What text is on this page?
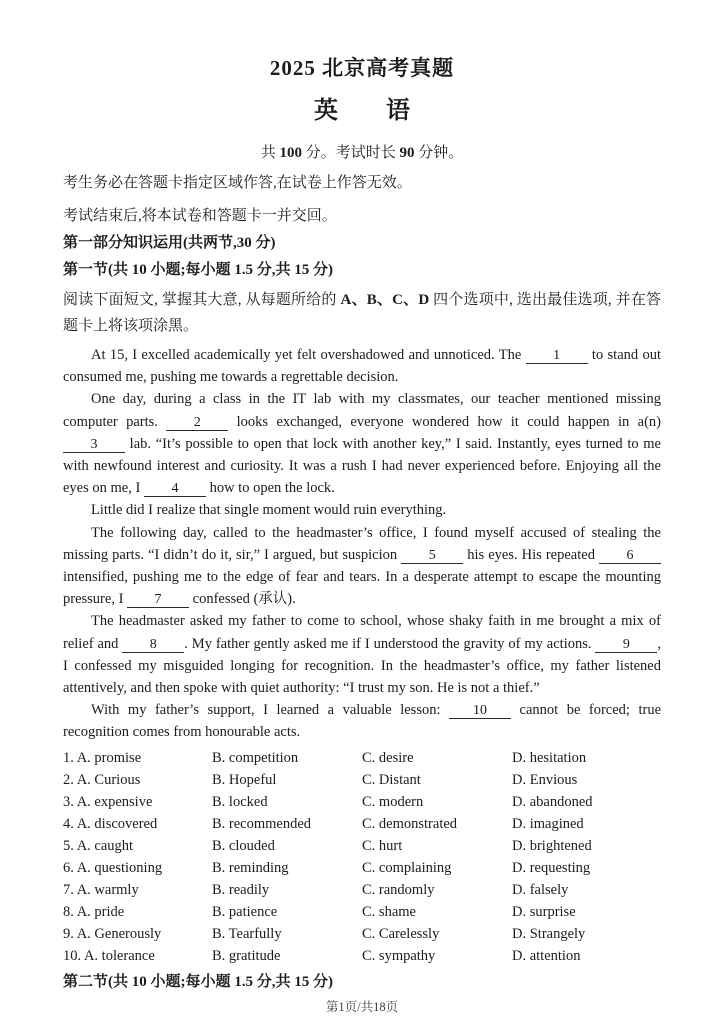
2025 北京高考真题
英　　语
共 100 分。考试时长 90 分钟。
考生务必在答题卡指定区域作答,在试卷上作答无效。
考试结束后,将本试卷和答题卡一并交回。
第一部分知识运用(共两节,30 分)
第一节(共 10 小题;每小题 1.5 分,共 15 分)
阅读下面短文, 掌握其大意, 从每题所给的 A、B、C、D 四个选项中, 选出最佳选项, 并在答题卡上将该项涂黑。

At 15, I excelled academically yet felt overshadowed and unnoticed. The 1 to stand out consumed me, pushing me towards a regrettable decision.

One day, during a class in the IT lab with my classmates, our teacher mentioned missing computer parts. 2 looks exchanged, everyone wondered how it could happen in a(n) 3 lab. “It’s possible to open that lock with another key,” I said. Instantly, eyes turned to me with newfound interest and curiosity. It was a rush I had never experienced before. Enjoying all the eyes on me, I 4 how to open the lock.

Little did I realize that single moment would ruin everything.

The following day, called to the headmaster’s office, I found myself accused of stealing the missing parts. “I didn’t do it, sir,” I argued, but suspicion 5 his eyes. His repeated 6 intensified, pushing me to the edge of fear and tears. In a desperate attempt to escape the mounting pressure, I 7 confessed (承认).

The headmaster asked my father to come to school, whose shaky faith in me brought a mix of relief and 8 . My father gently asked me if I understood the gravity of my actions. 9 , I confessed my misguided longing for recognition. In the headmaster’s office, my father listened attentively, and then spoke with quiet authority: “I trust my son. He is not a thief.”

With my father’s support, I learned a valuable lesson: 10 cannot be forced; true recognition comes from honourable acts.

1. A. promise	B. competition	C. desire	D. hesitation
2. A. Curious	B. Hopeful	C. Distant	D. Envious
3. A. expensive	B. locked	C. modern	D. abandoned
4. A. discovered	B. recommended	C. demonstrated	D. imagined
5. A. caught	B. clouded	C. hurt	D. brightened
6. A. questioning	B. reminding	C. complaining	D. requesting
7. A. warmly	B. readily	C. randomly	D. falsely
8. A. pride	B. patience	C. shame	D. surprise
9. A. Generously	B. Tearfully	C. Carelessly	D. Strangely
10. A. tolerance	B. gratitude	C. sympathy	D. attention
第二节(共 10 小题;每小题 1.5 分,共 15 分)
第1页/共18页
